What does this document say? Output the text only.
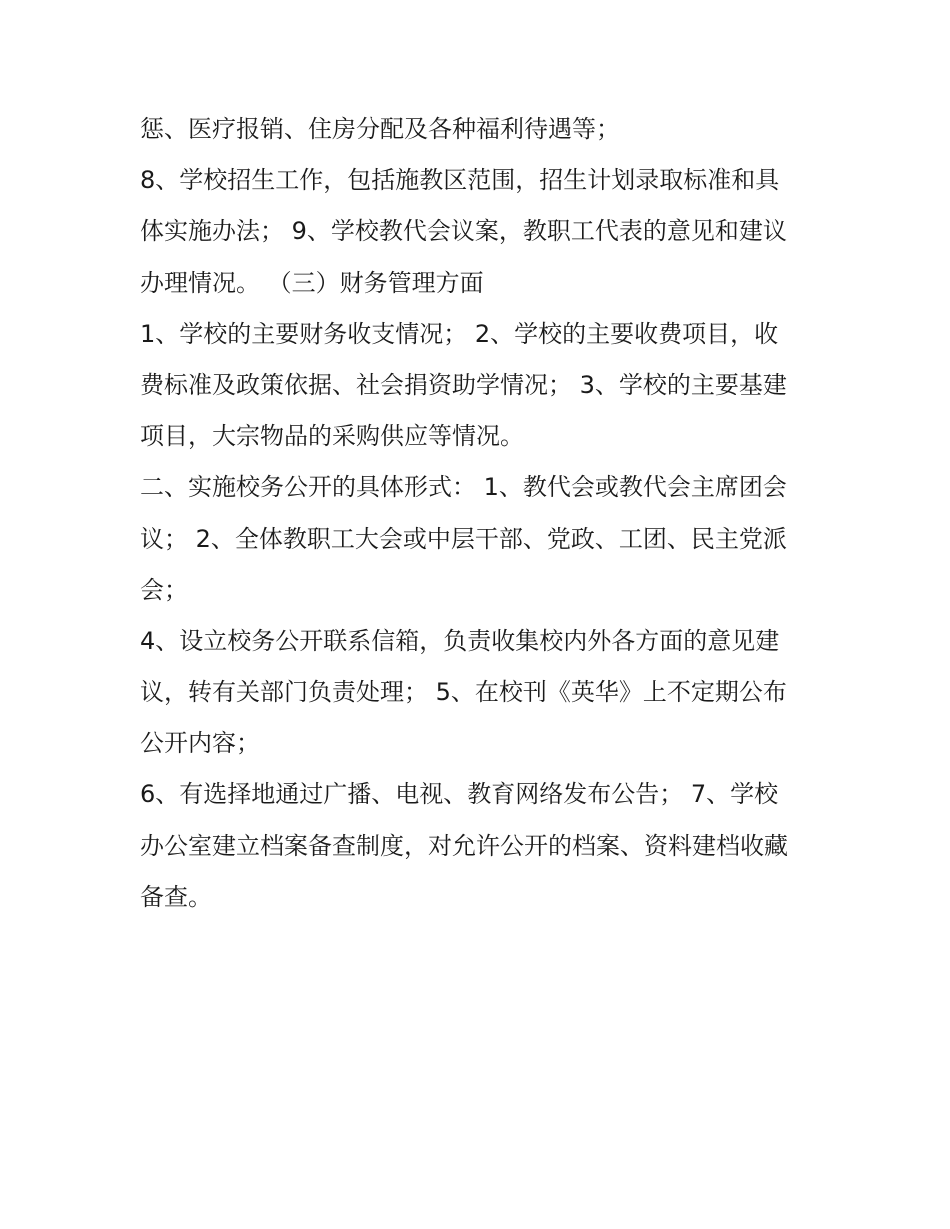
惩、医疗报销、住房分配及各种福利待遇等；
8、学校招生工作，包括施教区范围，招生计划录取标准和具
体实施办法； 9、学校教代会议案，教职工代表的意见和建议
办理情况。 （三）财务管理方面
1、学校的主要财务收支情况； 2、学校的主要收费项目，收
费标准及政策依据、社会捐资助学情况； 3、学校的主要基建
项目，大宗物品的采购供应等情况。
二、实施校务公开的具体形式： 1、教代会或教代会主席团会
议； 2、全体教职工大会或中层干部、党政、工团、民主党派
会；
4、设立校务公开联系信箱，负责收集校内外各方面的意见建
议，转有关部门负责处理； 5、在校刊《英华》上不定期公布
公开内容；
6、有选择地通过广播、电视、教育网络发布公告； 7、学校
办公室建立档案备查制度，对允许公开的档案、资料建档收藏
备查。
